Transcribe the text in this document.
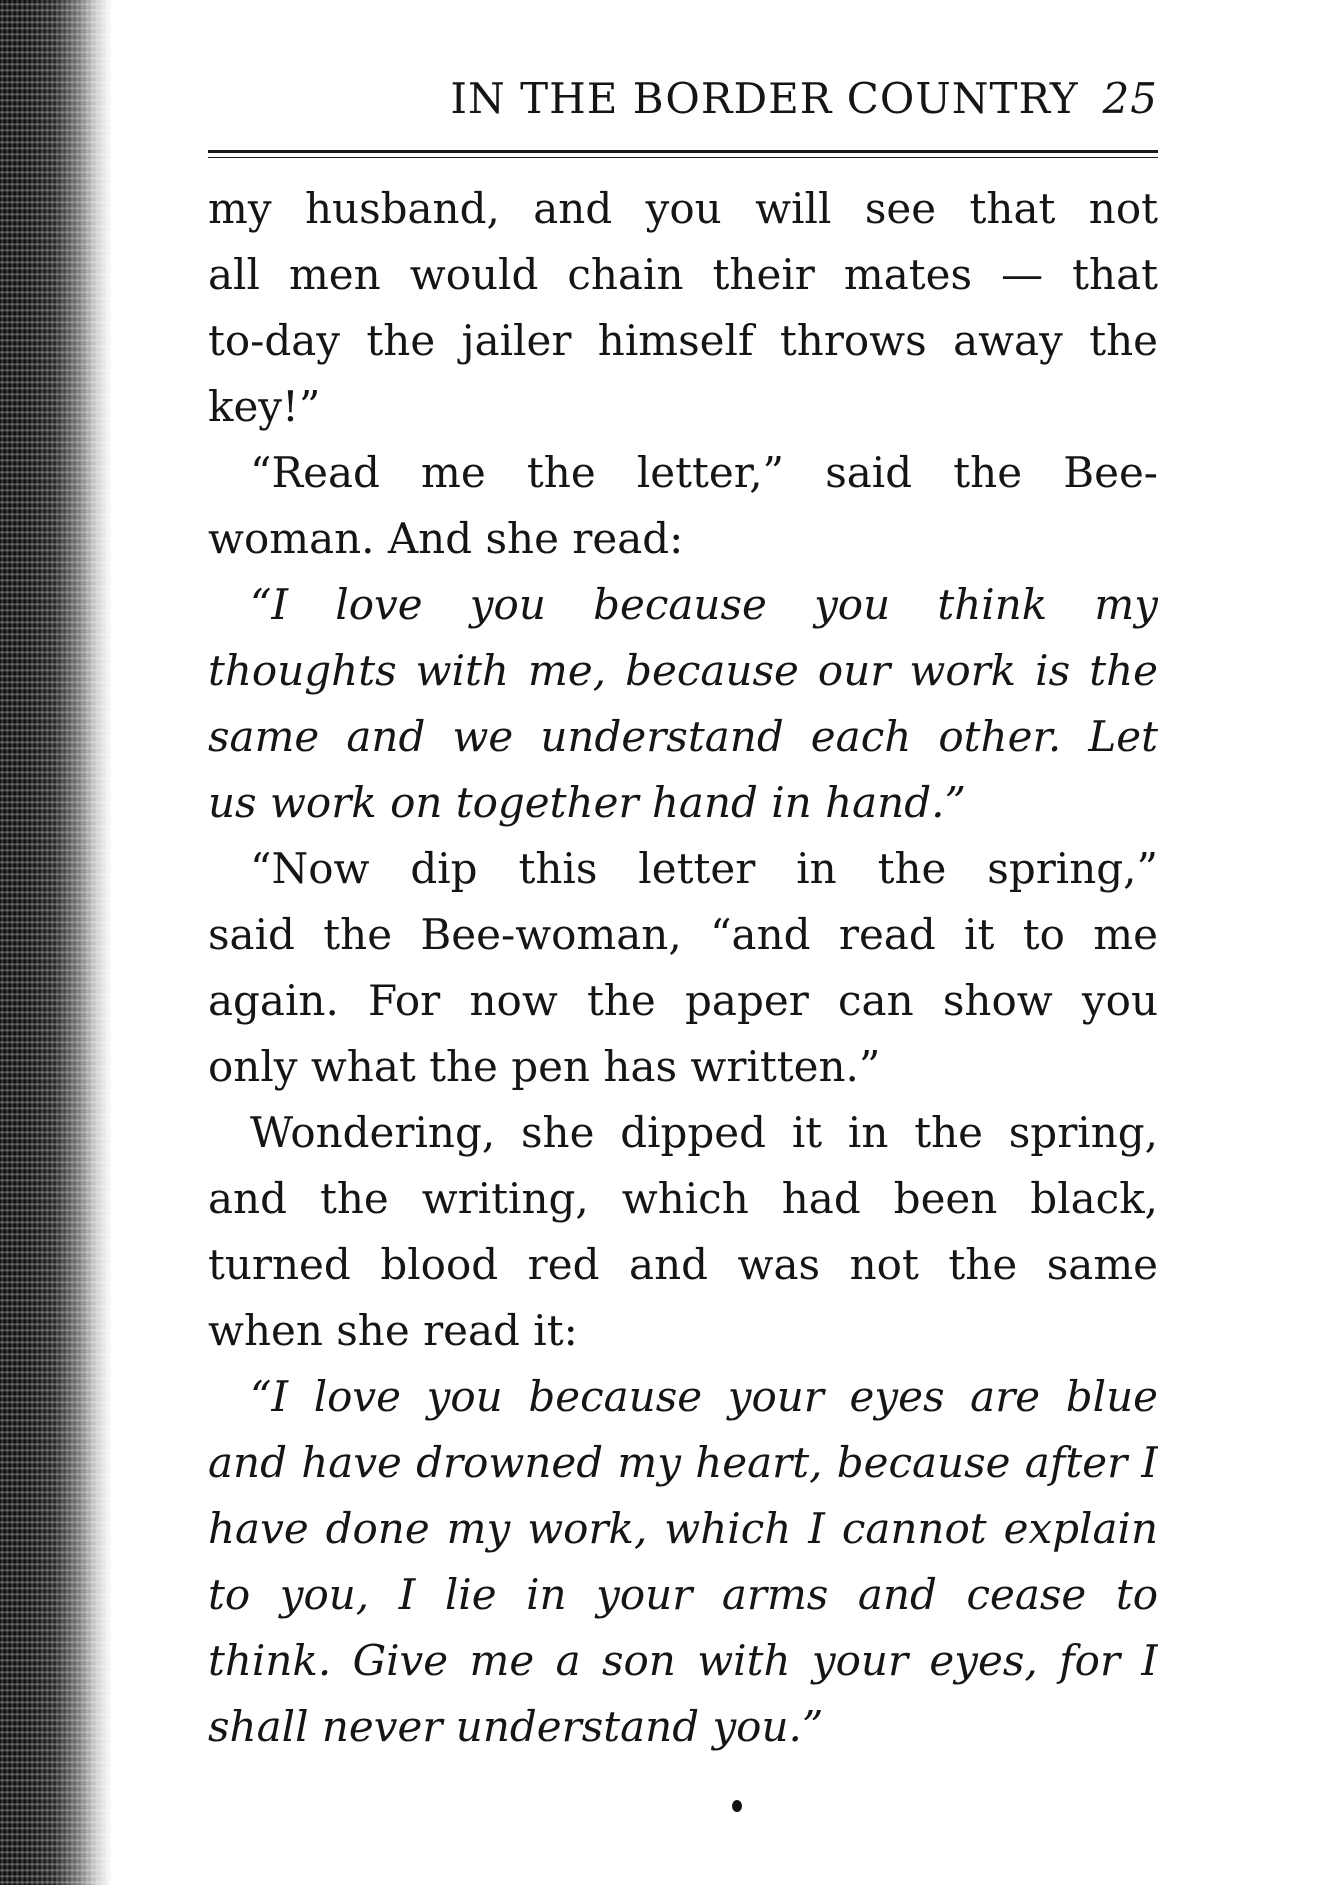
IN THE BORDER COUNTRY 25
my husband, and you will see that not
all men would chain their mates — that
to-day the jailer himself throws away the
key!”
“Read me the letter,” said the Bee-
woman. And she read:
“I love you because you think my
thoughts with me, because our work is the
same and we understand each other. Let
us work on together hand in hand.”
“Now dip this letter in the spring,”
said the Bee-woman, “and read it to me
again. For now the paper can show you
only what the pen has written.”
Wondering, she dipped it in the spring,
and the writing, which had been black,
turned blood red and was not the same
when she read it:
“I love you because your eyes are blue
and have drowned my heart, because after I
have done my work, which I cannot explain
to you, I lie in your arms and cease to
think. Give me a son with your eyes, for I
shall never understand you.”
